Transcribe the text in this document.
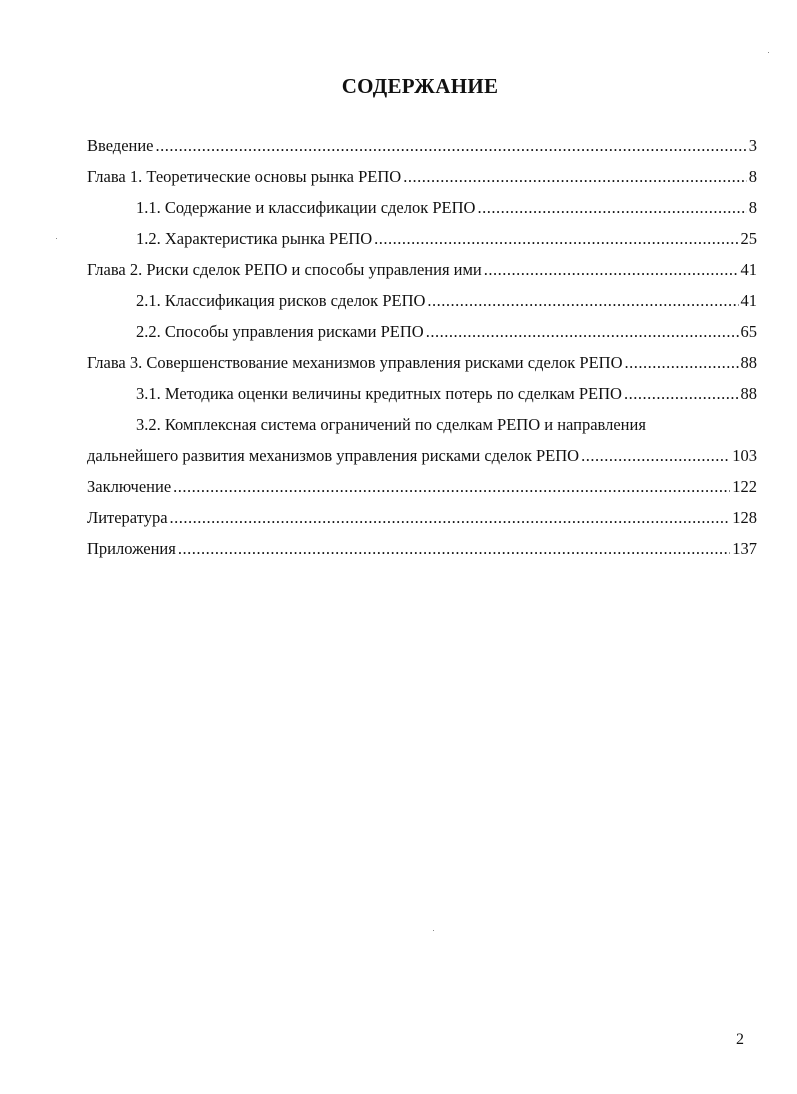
СОДЕРЖАНИЕ
Введение .....	3
Глава 1. Теоретические основы рынка РЕПО .....	8
1.1. Содержание и классификации сделок РЕПО .....	8
1.2. Характеристика рынка РЕПО .....	25
Глава 2. Риски сделок РЕПО и способы управления ими .....	41
2.1. Классификация рисков сделок РЕПО .....	41
2.2. Способы управления рисками РЕПО .....	65
Глава 3. Совершенствование механизмов управления рисками сделок РЕПО .....	88
3.1. Методика оценки величины кредитных потерь по сделкам РЕПО .....	88
3.2. Комплексная система ограничений по сделкам РЕПО и направления
дальнейшего развития механизмов управления рисками сделок РЕПО .....	103
Заключение .....	122
Литература .....	128
Приложения .....	137
2
